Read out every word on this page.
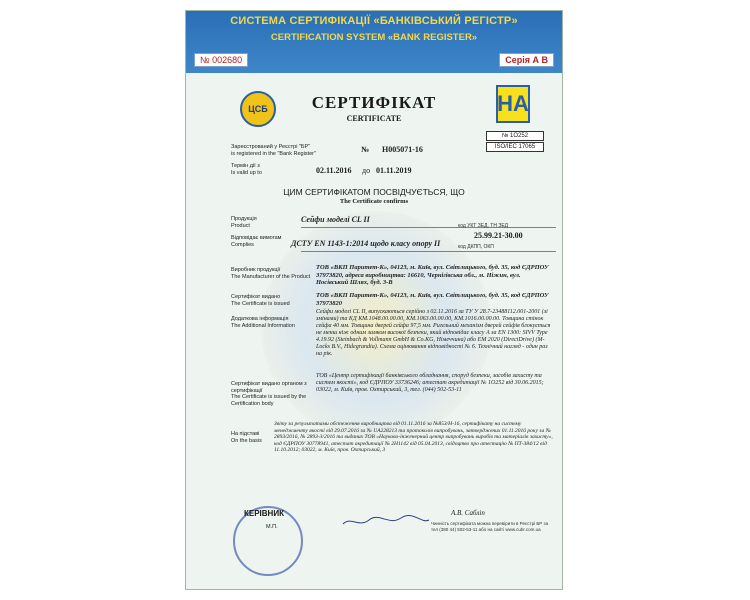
СИСТЕМА СЕРТИФІКАЦІЇ «БАНКІВСЬКИЙ РЕГІСТР»
CERTIFICATION SYSTEM «BANK REGISTER»
№ 002680	Серія А В
ЦСБ	НА
№ 1O252
ISO/IEC 17065
СЕРТИФІКАТ
CERTIFICATE
Зареєстрований у Реєстрі "БР"
is registered in the "Bank Register"	№ H005071-16
Термін дії з
Is valid up to	02.11.2016 до 01.11.2019
ЦИМ СЕРТИФІКАТОМ ПОСВІДЧУЄТЬСЯ, ЩО
The Certificate confirms
Продукція
Product
Сейфи моделі CL II
код УКТ ЗЕД, ТН ЗЕД
25.99.21-30.00
Відповідає вимогам
Complies	ДСТУ EN 1143-1:2014 щодо класу опору II	код ДКПП, ОКП
Виробник продукції
The Manufacturer of the Product
ТОВ «ВКП Паритет-К», 04123, м. Київ, вул. Світлицького, буд. 35, код ЄДРПОУ 37973820, адреса виробництва: 16610, Чернігівська обл., м. Ніжин, вул. Носівський Шлях, буд. 3-В
Сертифікат видано
The Certificate is issued
ТОВ «ВКП Паритет-К», 04123, м. Київ, вул. Світлицького, буд. 35, код ЄДРПОУ 37973820
Додаткова інформація
The Additional Information
Сейфи моделі CL II, випускаються серійно з 02.11.2016 за ТУ У 28.7-23488112.001-2001 (зі змінами) та КД КМ.1048.00.00.00, КМ.1063.00.00.00, КМ.1016.00.00.00. Товщина стінок сейфа 40 мм. Товщина дверей сейфа 97,5 мм. Ригельний механізм дверей сейфів блокується не менш ніж одним замком високої безпеки, який відповідає класу А за EN 1300: SIVV Type 4.19.92 (Steinbach & Vollmann GmbH & Co.KG, Німеччина) або EM 2020 (DirectDrive) (M-Locks B.V., Hidegrandia). Схема оцінювання відповідності № 6. Технічний нагляд - один раз на рік.
Сертифікат видано органом з сертифікації
The Certificate is issued by the Certification body
ТОВ «Центр сертифікації банківського обладнання, споруд безпеки, засобів захисту та систем якості», код ЄДРПОУ 33736246; атестат акредитації № 1O252 від 30.06.2015; 03022, м. Київ, пров. Охтирський, 3, тел. (044) 502-53-11
На підставі
On the basis
Звіту за результатами обстеження виробництва від 01.11.2016 за №853/Н-16, сертифікату на систему менеджменту якості від 29.07.2016 за № UA228213 та протоколів випробувань, затверджених 01.11.2016 року за № 2893/2016, № 2893-3/2016 та виданих ТОВ «Науково-інженерний центр випробувань виробів та матеріалів захисту», код ЄДРПОУ 30778941, атестат акредитації № 2Н1142 від 05.04.2013, свідоцтво про атестацію № ПТ-384/12 від 11.10.2012; 03022, м. Київ, пров. Охтирський, 3
КЕРІВНИК
М.П.
А.В. Сабліп
Чинність сертифіката можна перевірити в Реєстрі БР за тел (380 44) 502-53-11 або на сайті www.cubr.com.ua
